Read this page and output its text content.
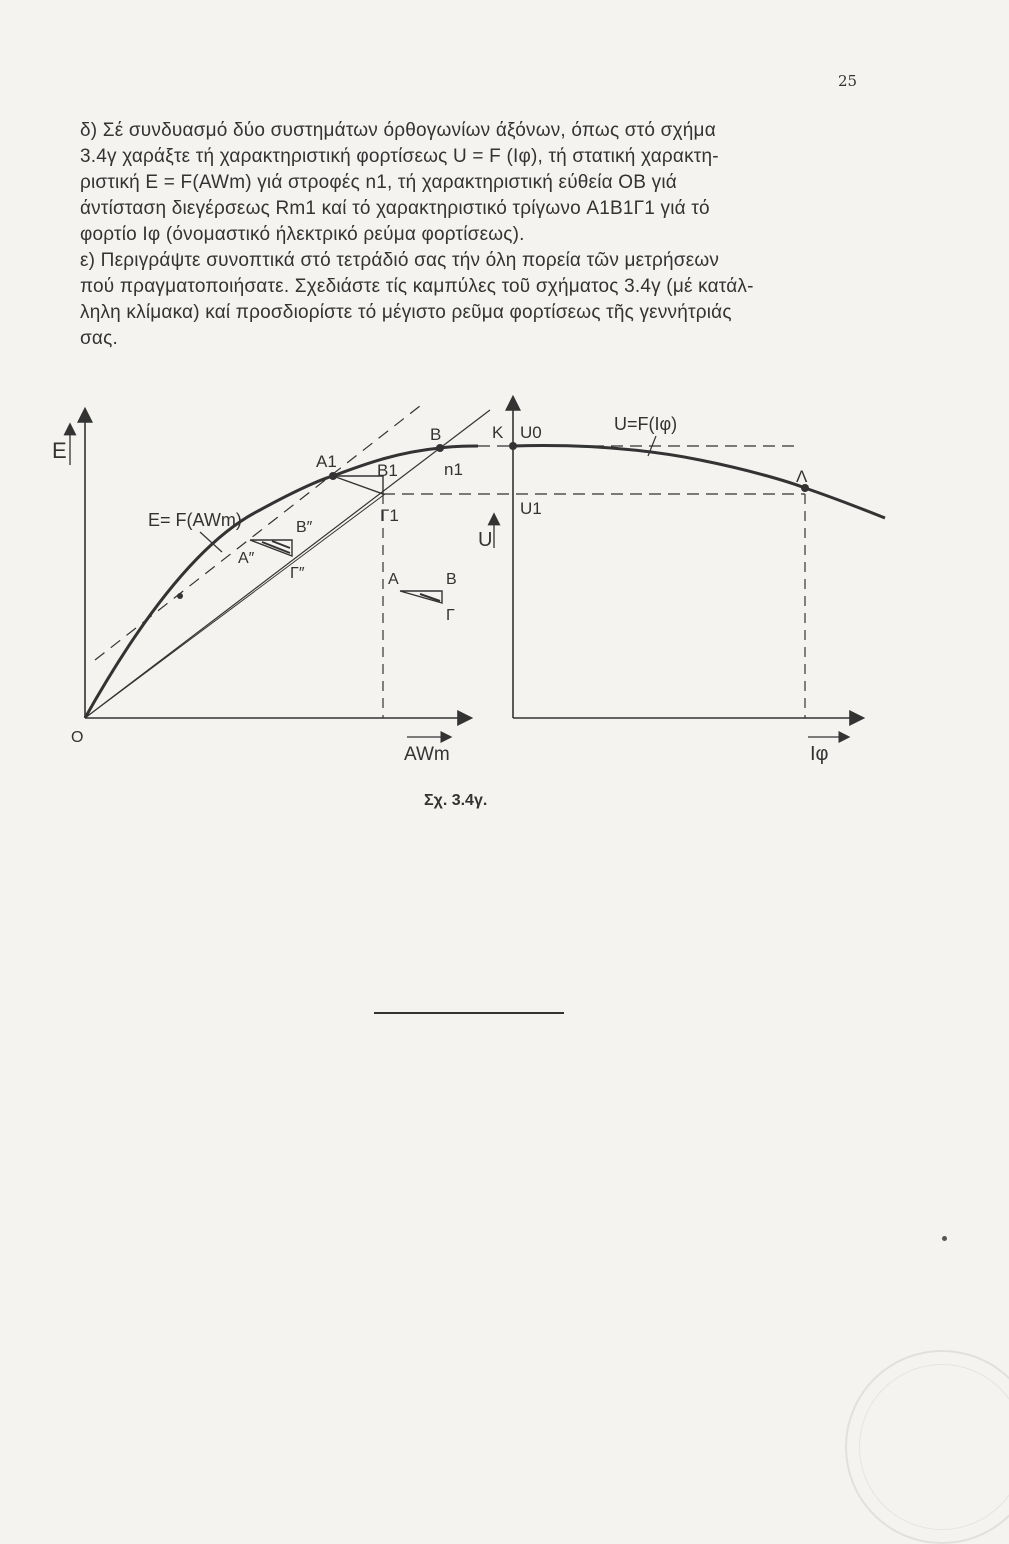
25

δ) Σέ συνδυασμό δύο συστημάτων όρθογωνίων άξόνων, όπως στό σχήμα
3.4γ χαράξτε τή χαρακτηριστική φορτίσεως U = F (Iφ), τή στατική χαρακτη-
ριστική E = F(AWm) γιά στροφές n1, τή χαρακτηριστική εύθεία OB γιά
άντίσταση διεγέρσεως Rm1 καί τό χαρακτηριστικό τρίγωνο A1B1Γ1 γιά τό
φορτίο Iφ (όνομαστικό ήλεκτρικό ρεύμα φορτίσεως).

ε) Περιγράψτε συνοπτικά στό τετράδιό σας τήν όλη πορεία τῶν μετρήσεων
πού πραγματοποιήσατε. Σχεδιάστε τίς καμπύλες τοῦ σχήματος 3.4γ (μέ κατάλ-
ληλη κλίμακα) καί προσδιορίστε τό μέγιστο ρεῦμα φορτίσεως τῆς γεννήτριάς
σας.

E
O
AWm
A1 B1
Γ1
B
n1
A″
B″
Γ″
E= F(AWm)
A	B
Γ
U
Iφ
K U0
U1
Λ
U=F(Iφ)
Σχ. 3.4γ.
